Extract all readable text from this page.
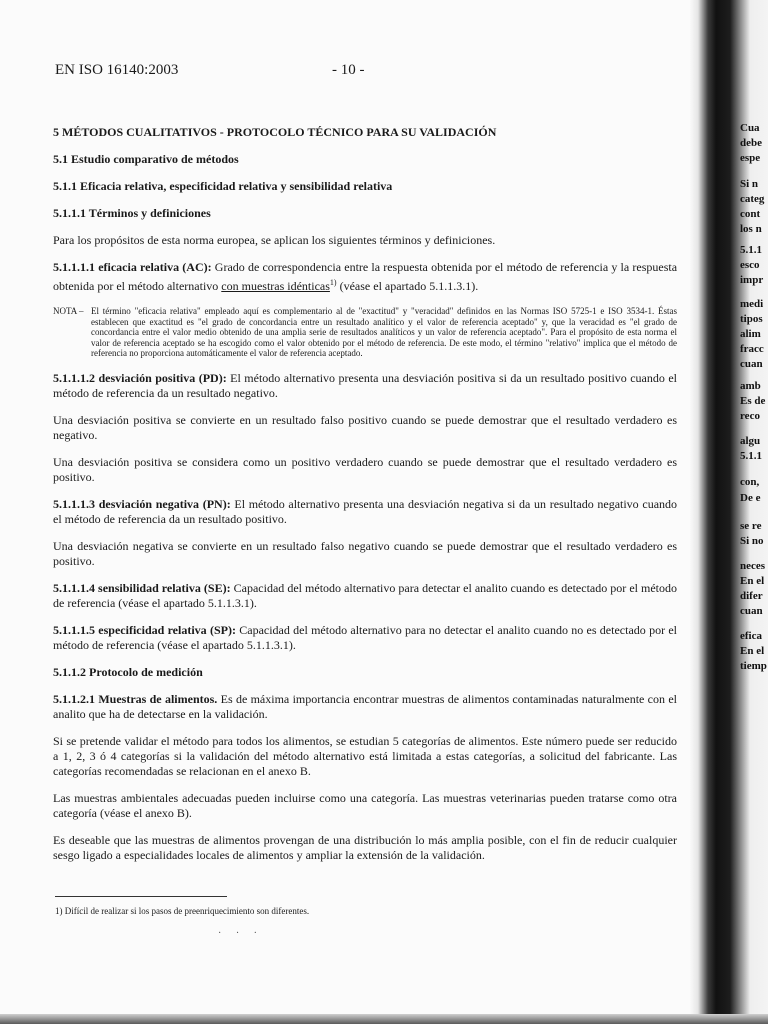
EN ISO 16140:2003	- 10 -
5 MÉTODOS CUALITATIVOS - PROTOCOLO TÉCNICO PARA SU VALIDACIÓN
5.1 Estudio comparativo de métodos
5.1.1 Eficacia relativa, especificidad relativa y sensibilidad relativa
5.1.1.1 Términos y definiciones
Para los propósitos de esta norma europea, se aplican los siguientes términos y definiciones.
5.1.1.1.1 eficacia relativa (AC): Grado de correspondencia entre la respuesta obtenida por el método de referencia y la respuesta obtenida por el método alternativo con muestras idénticas$^{1)}$ (véase el apartado 5.1.1.3.1).
NOTA – El término "eficacia relativa" empleado aquí es complementario al de "exactitud" y "veracidad" definidos en las Normas ISO 5725-1 e ISO 3534-1. Éstas establecen que exactitud es "el grado de concordancia entre un resultado analítico y el valor de referencia aceptado" y, que la veracidad es "el grado de concordancia entre el valor medio obtenido de una amplia serie de resultados analíticos y un valor de referencia aceptado". Para el propósito de esta norma el valor de referencia aceptado se ha escogido como el valor obtenido por el método de referencia. De este modo, el término "relativo" implica que el método de referencia no proporciona automáticamente el valor de referencia aceptado.
5.1.1.1.2 desviación positiva (PD): El método alternativo presenta una desviación positiva si da un resultado positivo cuando el método de referencia da un resultado negativo.
Una desviación positiva se convierte en un resultado falso positivo cuando se puede demostrar que el resultado verdadero es negativo.
Una desviación positiva se considera como un positivo verdadero cuando se puede demostrar que el resultado verdadero es positivo.
5.1.1.1.3 desviación negativa (PN): El método alternativo presenta una desviación negativa si da un resultado negativo cuando el método de referencia da un resultado positivo.
Una desviación negativa se convierte en un resultado falso negativo cuando se puede demostrar que el resultado verdadero es positivo.
5.1.1.1.4 sensibilidad relativa (SE): Capacidad del método alternativo para detectar el analito cuando es detectado por el método de referencia (véase el apartado 5.1.1.3.1).
5.1.1.1.5 especificidad relativa (SP): Capacidad del método alternativo para no detectar el analito cuando no es detectado por el método de referencia (véase el apartado 5.1.1.3.1).
5.1.1.2 Protocolo de medición
5.1.1.2.1 Muestras de alimentos. Es de máxima importancia encontrar muestras de alimentos contaminadas naturalmente con el analito que ha de detectarse en la validación.
Si se pretende validar el método para todos los alimentos, se estudian 5 categorías de alimentos. Este número puede ser reducido a 1, 2, 3 ó 4 categorías si la validación del método alternativo está limitada a estas categorías, a solicitud del fabricante. Las categorías recomendadas se relacionan en el anexo B.
Las muestras ambientales adecuadas pueden incluirse como una categoría. Las muestras veterinarias pueden tratarse como otra categoría (véase el anexo B).
Es deseable que las muestras de alimentos provengan de una distribución lo más amplia posible, con el fin de reducir cualquier sesgo ligado a especialidades locales de alimentos y ampliar la extensión de la validación.
1) Difícil de realizar si los pasos de preenriquecimiento son diferentes.
· · ·
Cua
debe
espe
Si n
categ
cont
los n
5.1.1
esco
impr
medi
tipos
alim
fracc
cuan
amb
Es de
reco
algu
5.1.1
con,
De e
se re
Si no
neces
En el
difer
cuan
efica
En el
tiemp
